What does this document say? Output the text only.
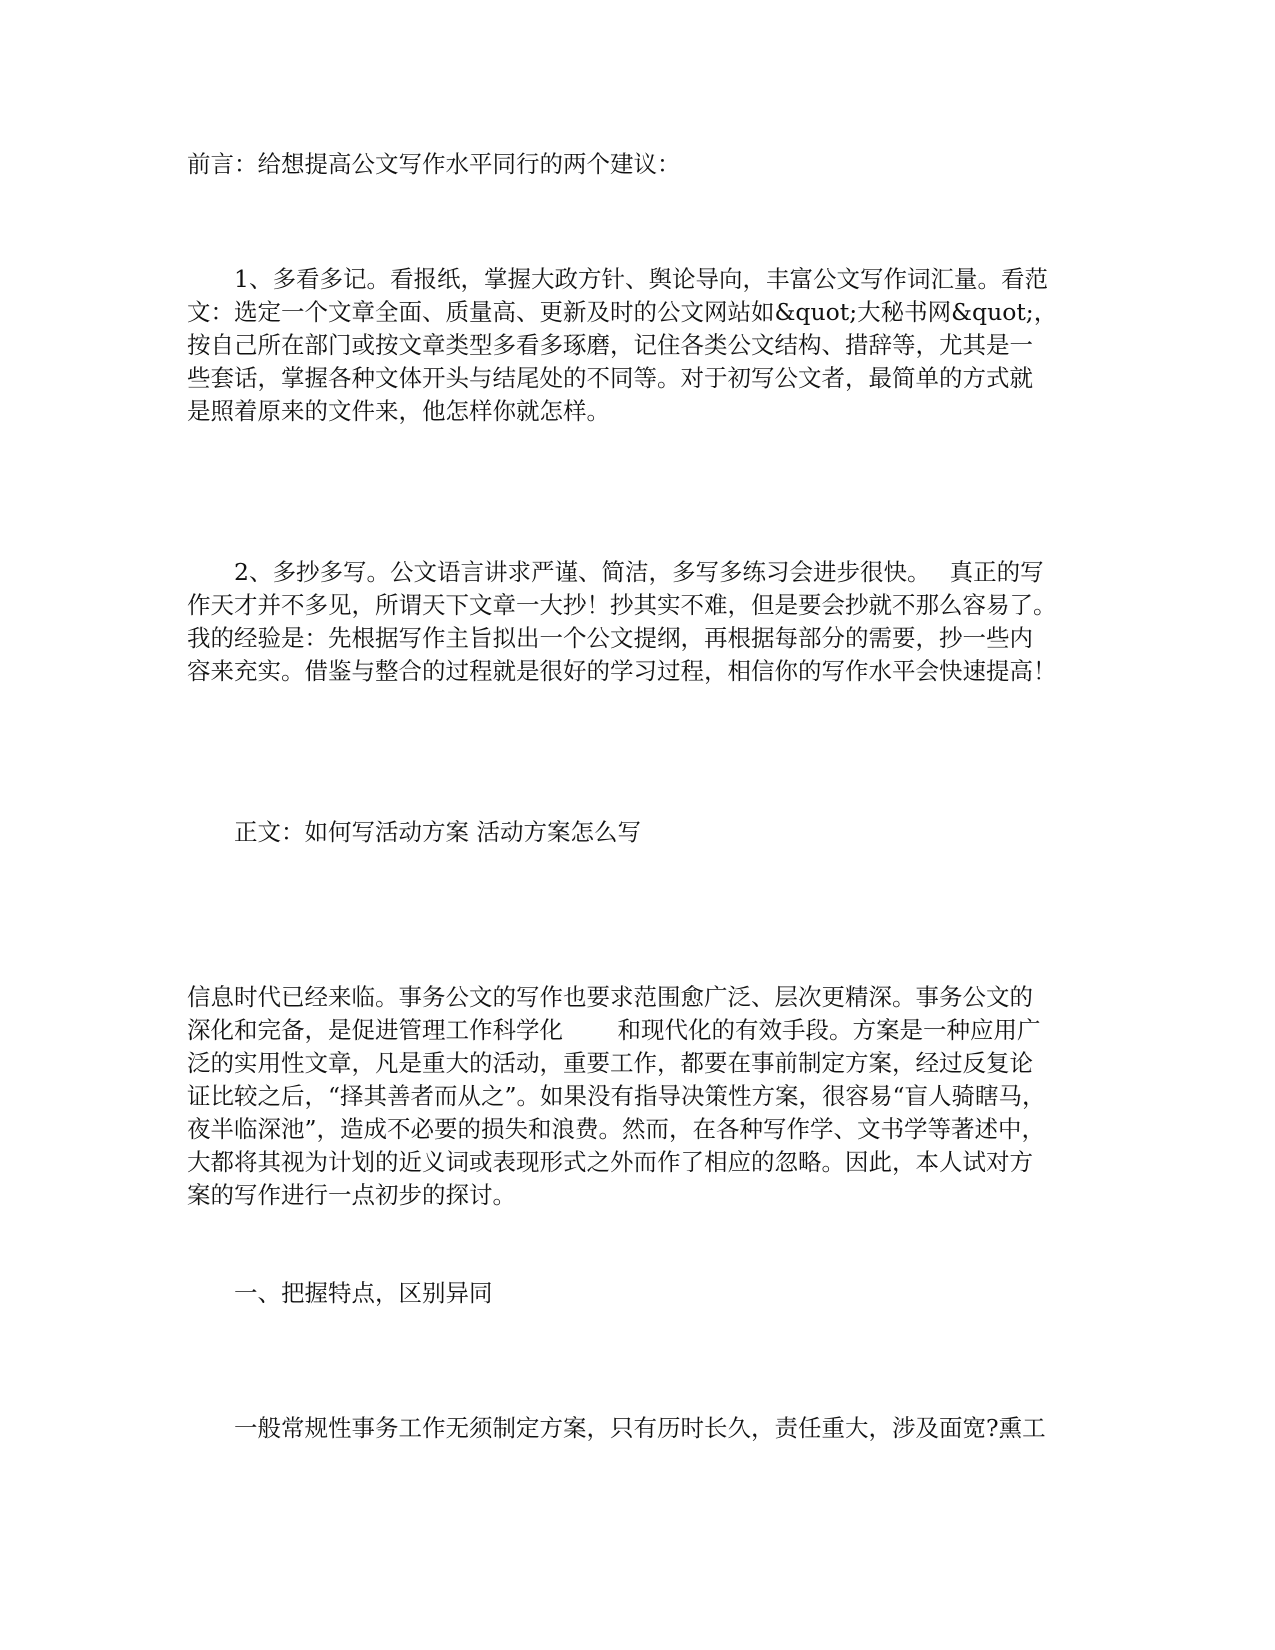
前言：给想提高公文写作水平同行的两个建议：

　　1、多看多记。看报纸，掌握大政方针、舆论导向，丰富公文写作词汇量。看范
文：选定一个文章全面、质量高、更新及时的公文网站如&quot;大秘书网&quot;，
按自己所在部门或按文章类型多看多琢磨，记住各类公文结构、措辞等，尤其是一
些套话，掌握各种文体开头与结尾处的不同等。对于初写公文者，最简单的方式就
是照着原来的文件来，他怎样你就怎样。
　　2、多抄多写。公文语言讲求严谨、简洁，多写多练习会进步很快。　 真正的写
作天才并不多见，所谓天下文章一大抄！抄其实不难，但是要会抄就不那么容易了。
我的经验是：先根据写作主旨拟出一个公文提纲，再根据每部分的需要，抄一些内
容来充实。借鉴与整合的过程就是很好的学习过程，相信你的写作水平会快速提高！

正文：如何写活动方案 活动方案怎么写

信息时代已经来临。事务公文的写作也要求范围愈广泛、层次更精深。事务公文的
深化和完备，是促进管理工作科学化　　 和现代化的有效手段。方案是一种应用广
泛的实用性文章，凡是重大的活动，重要工作，都要在事前制定方案，经过反复论
证比较之后，“择其善者而从之”。如果没有指导决策性方案，很容易“盲人骑瞎马，
夜半临深池”，造成不必要的损失和浪费。然而，在各种写作学、文书学等著述中，
大都将其视为计划的近义词或表现形式之外而作了相应的忽略。因此，本人试对方
案的写作进行一点初步的探讨。

一、把握特点，区别异同

一般常规性事务工作无须制定方案，只有历时长久，责任重大，涉及面宽?熏工
